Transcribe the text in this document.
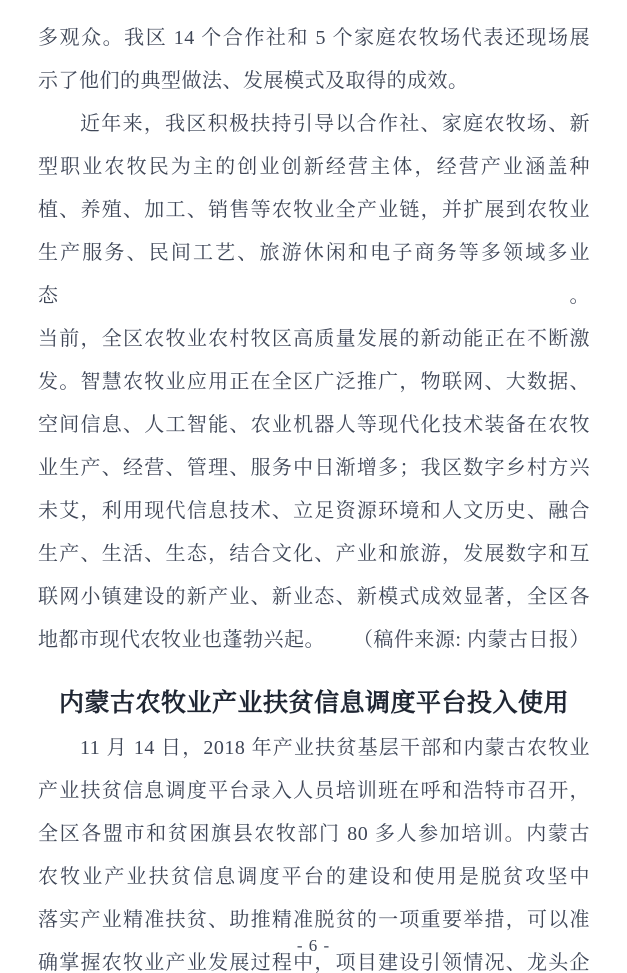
多观众。我区 14 个合作社和 5 个家庭农牧场代表还现场展
示了他们的典型做法、发展模式及取得的成效。
近年来，我区积极扶持引导以合作社、家庭农牧场、新
型职业农牧民为主的创业创新经营主体，经营产业涵盖种
植、养殖、加工、销售等农牧业全产业链，并扩展到农牧业
生产服务、民间工艺、旅游休闲和电子商务等多领域多业态。
当前，全区农牧业农村牧区高质量发展的新动能正在不断激
发。智慧农牧业应用正在全区广泛推广，物联网、大数据、
空间信息、人工智能、农业机器人等现代化技术装备在农牧
业生产、经营、管理、服务中日渐增多；我区数字乡村方兴
未艾，利用现代信息技术、立足资源环境和人文历史、融合
生产、生活、生态，结合文化、产业和旅游，发展数字和互
联网小镇建设的新产业、新业态、新模式成效显著，全区各
地都市现代农牧业也蓬勃兴起。 （稿件来源: 内蒙古日报）
内蒙古农牧业产业扶贫信息调度平台投入使用
11 月 14 日，2018 年产业扶贫基层干部和内蒙古农牧业
产业扶贫信息调度平台录入人员培训班在呼和浩特市召开，
全区各盟市和贫困旗县农牧部门 80 多人参加培训。内蒙古
农牧业产业扶贫信息调度平台的建设和使用是脱贫攻坚中
落实产业精准扶贫、助推精准脱贫的一项重要举措，可以准
确掌握农牧业产业发展过程中，项目建设引领情况、龙头企
- 6 -
